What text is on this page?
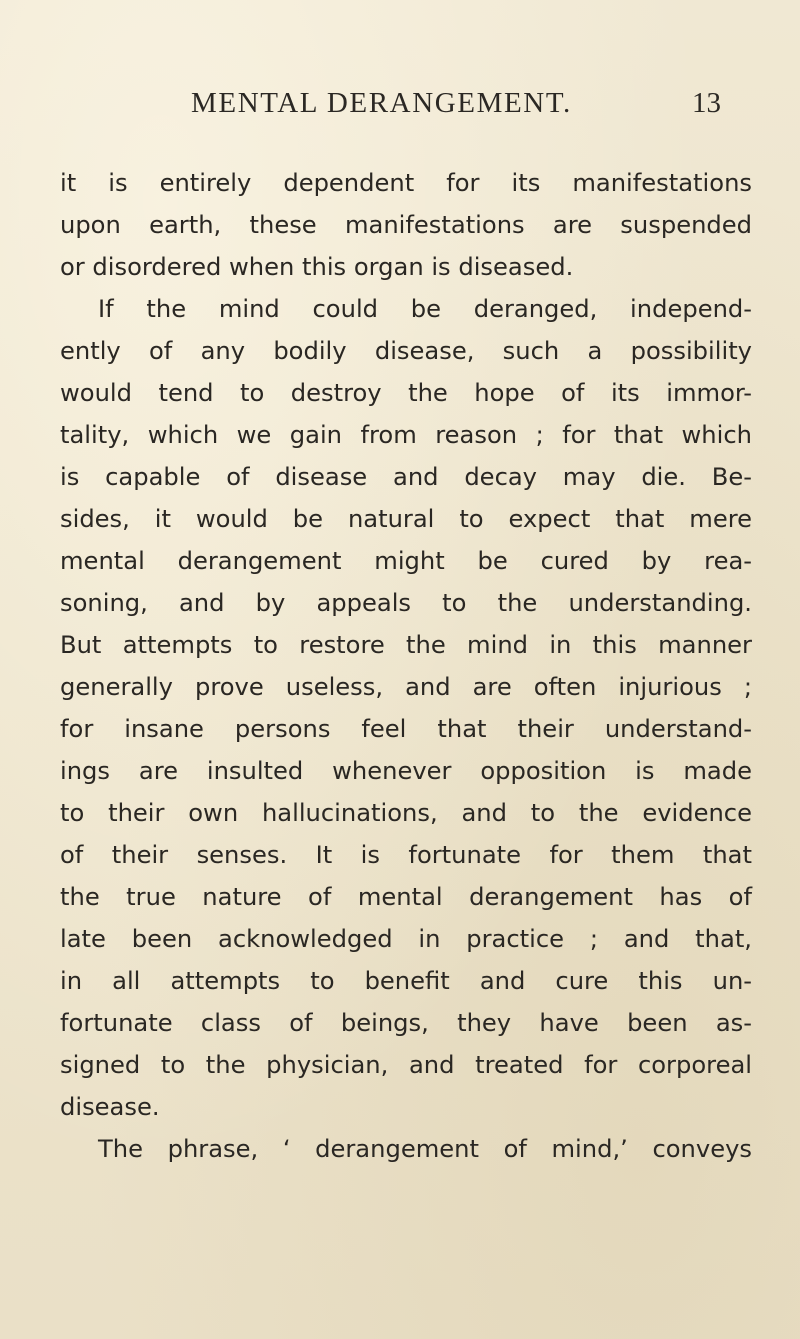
MENTAL DERANGEMENT.	13
it is entirely dependent for its manifestations
upon earth, these manifestations are suspended
or disordered when this organ is diseased.
If the mind could be deranged, independ-
ently of any bodily disease, such a possibility
would tend to destroy the hope of its immor-
tality, which we gain from reason ; for that which
is capable of disease and decay may die. Be-
sides, it would be natural to expect that mere
mental derangement might be cured by rea-
soning, and by appeals to the understanding.
But attempts to restore the mind in this manner
generally prove useless, and are often injurious ;
for insane persons feel that their understand-
ings are insulted whenever opposition is made
to their own hallucinations, and to the evidence
of their senses. It is fortunate for them that
the true nature of mental derangement has of
late been acknowledged in practice ; and that,
in all attempts to benefit and cure this un-
fortunate class of beings, they have been as-
signed to the physician, and treated for corporeal
disease.
The phrase, ‘ derangement of mind,’ conveys
